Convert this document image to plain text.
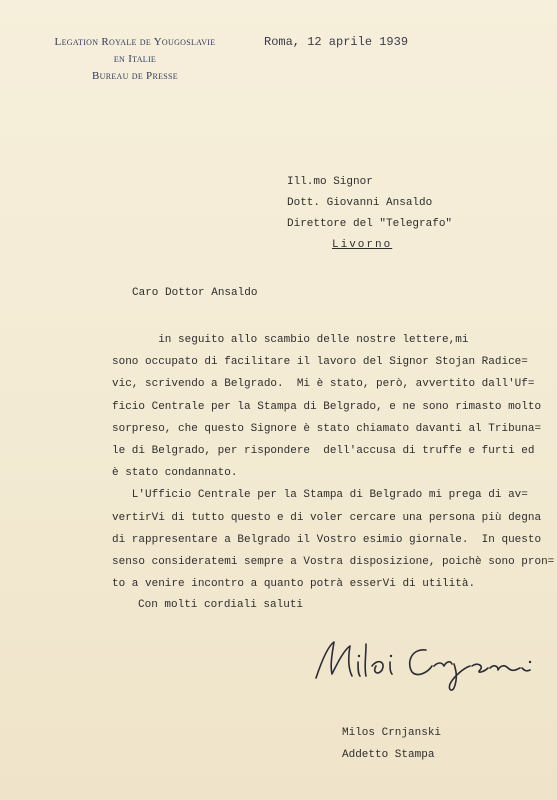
Legation Royale de Yougoslavie
en Italie
Bureau de Presse
Roma, 12 aprile 1939
Ill.mo Signor
Dott. Giovanni Ansaldo
Direttore del "Telegrafo"
Livorno
Caro Dottor Ansaldo
in seguito allo scambio delle nostre lettere,mi
sono occupato di facilitare il lavoro del Signor Stojan Radice=
vic, scrivendo a Belgrado.  Mi è stato, però, avvertito dall'Uf=
ficio Centrale per la Stampa di Belgrado, e ne sono rimasto molto
sorpreso, che questo Signore è stato chiamato davanti al Tribuna=
le di Belgrado, per rispondere  dell'accusa di truffe e furti ed
è stato condannato.
L'Ufficio Centrale per la Stampa di Belgrado mi prega di av=
vertirVi di tutto questo e di voler cercare una persona più degna
di rappresentare a Belgrado il Vostro esimio giornale.  In questo
senso consideratemi sempre a Vostra disposizione, poichè sono pron=
to a venire incontro a quanto potrà esserVi di utilità.
Con molti cordiali saluti
Milos Crnjanski
Addetto Stampa
